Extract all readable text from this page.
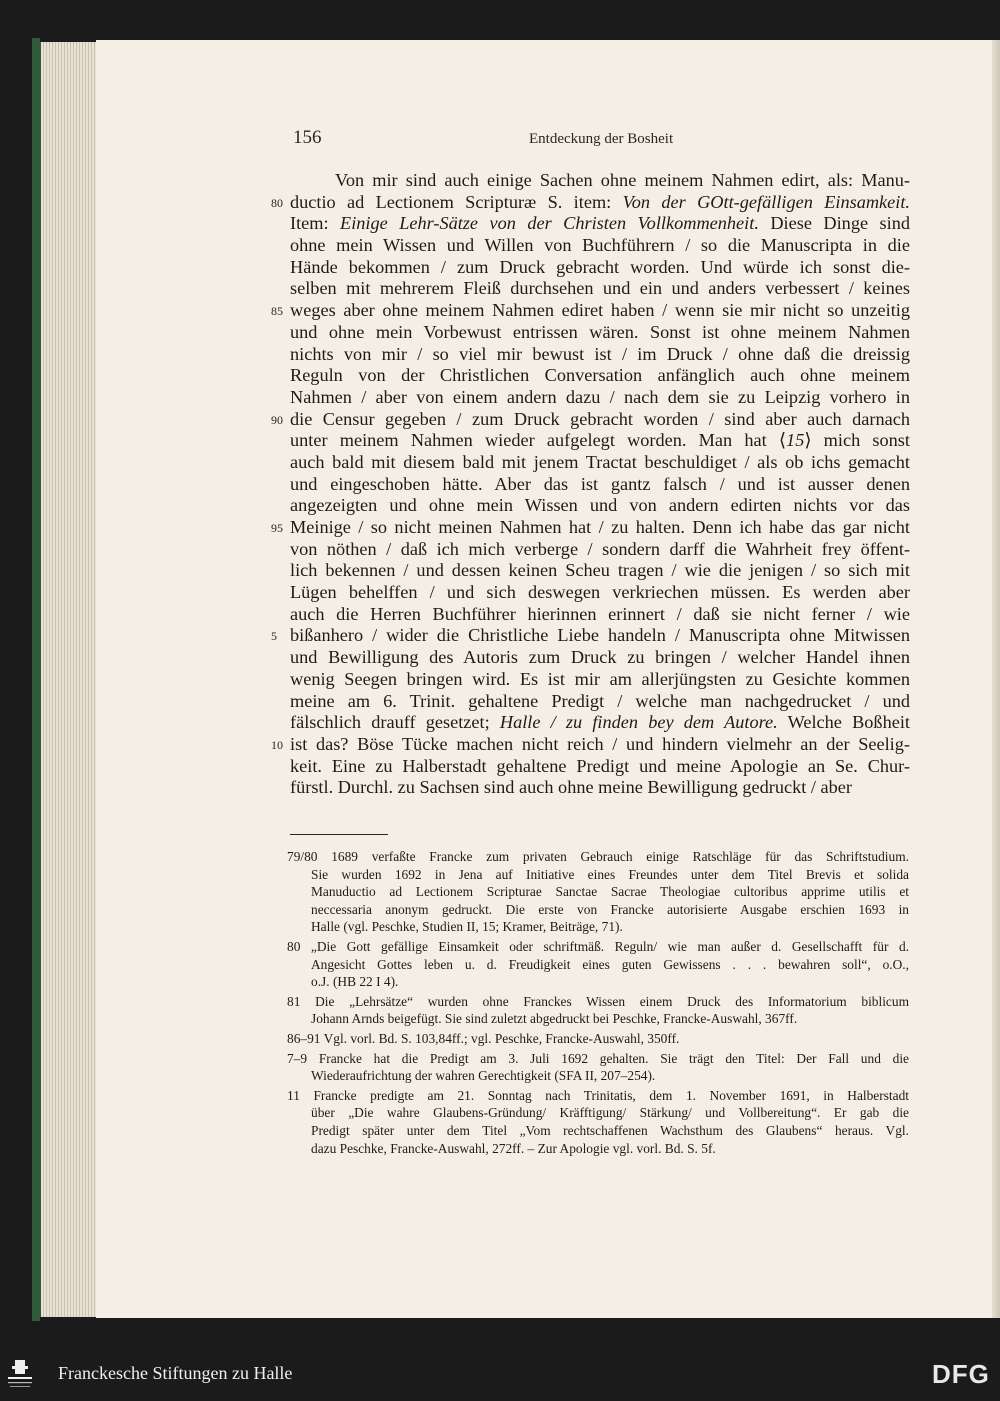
156	Entdeckung der Bosheit
Von mir sind auch einige Sachen ohne meinem Nahmen edirt, als: Manu-
80 ductio ad Lectionem Scripturæ S. item: Von der GOtt-gefälligen Einsamkeit.
Item: Einige Lehr-Sätze von der Christen Vollkommenheit. Diese Dinge sind
ohne mein Wissen und Willen von Buchführern / so die Manuscripta in die
Hände bekommen / zum Druck gebracht worden. Und würde ich sonst die-
selben mit mehrerem Fleiß durchsehen und ein und anders verbessert / keines
85 weges aber ohne meinem Nahmen ediret haben / wenn sie mir nicht so unzeitig
und ohne mein Vorbewust entrissen wären. Sonst ist ohne meinem Nahmen
nichts von mir / so viel mir bewust ist / im Druck / ohne daß die dreissig
Reguln von der Christlichen Conversation anfänglich auch ohne meinem
Nahmen / aber von einem andern dazu / nach dem sie zu Leipzig vorhero in
90 die Censur gegeben / zum Druck gebracht worden / sind aber auch darnach
unter meinem Nahmen wieder aufgelegt worden. Man hat ⟨15⟩ mich sonst
auch bald mit diesem bald mit jenem Tractat beschuldiget / als ob ichs gemacht
und eingeschoben hätte. Aber das ist gantz falsch / und ist ausser denen
angezeigten und ohne mein Wissen und von andern edirten nichts vor das
95 Meinige / so nicht meinen Nahmen hat / zu halten. Denn ich habe das gar nicht
von nöthen / daß ich mich verberge / sondern darff die Wahrheit frey öffent-
lich bekennen / und dessen keinen Scheu tragen / wie die jenigen / so sich mit
Lügen behelffen / und sich deswegen verkriechen müssen. Es werden aber
auch die Herren Buchführer hierinnen erinnert / daß sie nicht ferner / wie
5 bißanhero / wider die Christliche Liebe handeln / Manuscripta ohne Mitwissen
und Bewilligung des Autoris zum Druck zu bringen / welcher Handel ihnen
wenig Seegen bringen wird. Es ist mir am allerjüngsten zu Gesichte kommen
meine am 6. Trinit. gehaltene Predigt / welche man nachgedrucket / und
fälschlich drauff gesetzet; Halle / zu finden bey dem Autore. Welche Boßheit
10 ist das? Böse Tücke machen nicht reich / und hindern vielmehr an der Seelig-
keit. Eine zu Halberstadt gehaltene Predigt und meine Apologie an Se. Chur-
fürstl. Durchl. zu Sachsen sind auch ohne meine Bewilligung gedruckt / aber
79/80 1689 verfaßte Francke zum privaten Gebrauch einige Ratschläge für das Schriftstudium.
Sie wurden 1692 in Jena auf Initiative eines Freundes unter dem Titel Brevis et solida
Manuductio ad Lectionem Scripturae Sanctae Sacrae Theologiae cultoribus apprime utilis et
neccessaria anonym gedruckt. Die erste von Francke autorisierte Ausgabe erschien 1693 in
Halle (vgl. Peschke, Studien II, 15; Kramer, Beiträge, 71).
80 „Die Gott gefällige Einsamkeit oder schriftmäß. Reguln/ wie man außer d. Gesellschafft für d.
Angesicht Gottes leben u. d. Freudigkeit eines guten Gewissens . . . bewahren soll“, o.O.,
o.J. (HB 22 I 4).
81 Die „Lehrsätze“ wurden ohne Franckes Wissen einem Druck des Informatorium biblicum
Johann Arnds beigefügt. Sie sind zuletzt abgedruckt bei Peschke, Francke-Auswahl, 367ff.
86–91 Vgl. vorl. Bd. S. 103,84ff.; vgl. Peschke, Francke-Auswahl, 350ff.
7–9 Francke hat die Predigt am 3. Juli 1692 gehalten. Sie trägt den Titel: Der Fall und die
Wiederaufrichtung der wahren Gerechtigkeit (SFA II, 207–254).
11 Francke predigte am 21. Sonntag nach Trinitatis, dem 1. November 1691, in Halberstadt
über „Die wahre Glaubens-Gründung/ Kräfftigung/ Stärkung/ und Vollbereitung“. Er gab die
Predigt später unter dem Titel „Vom rechtschaffenen Wachsthum des Glaubens“ heraus. Vgl.
dazu Peschke, Francke-Auswahl, 272ff. – Zur Apologie vgl. vorl. Bd. S. 5f.
Franckesche Stiftungen zu Halle	DFG
